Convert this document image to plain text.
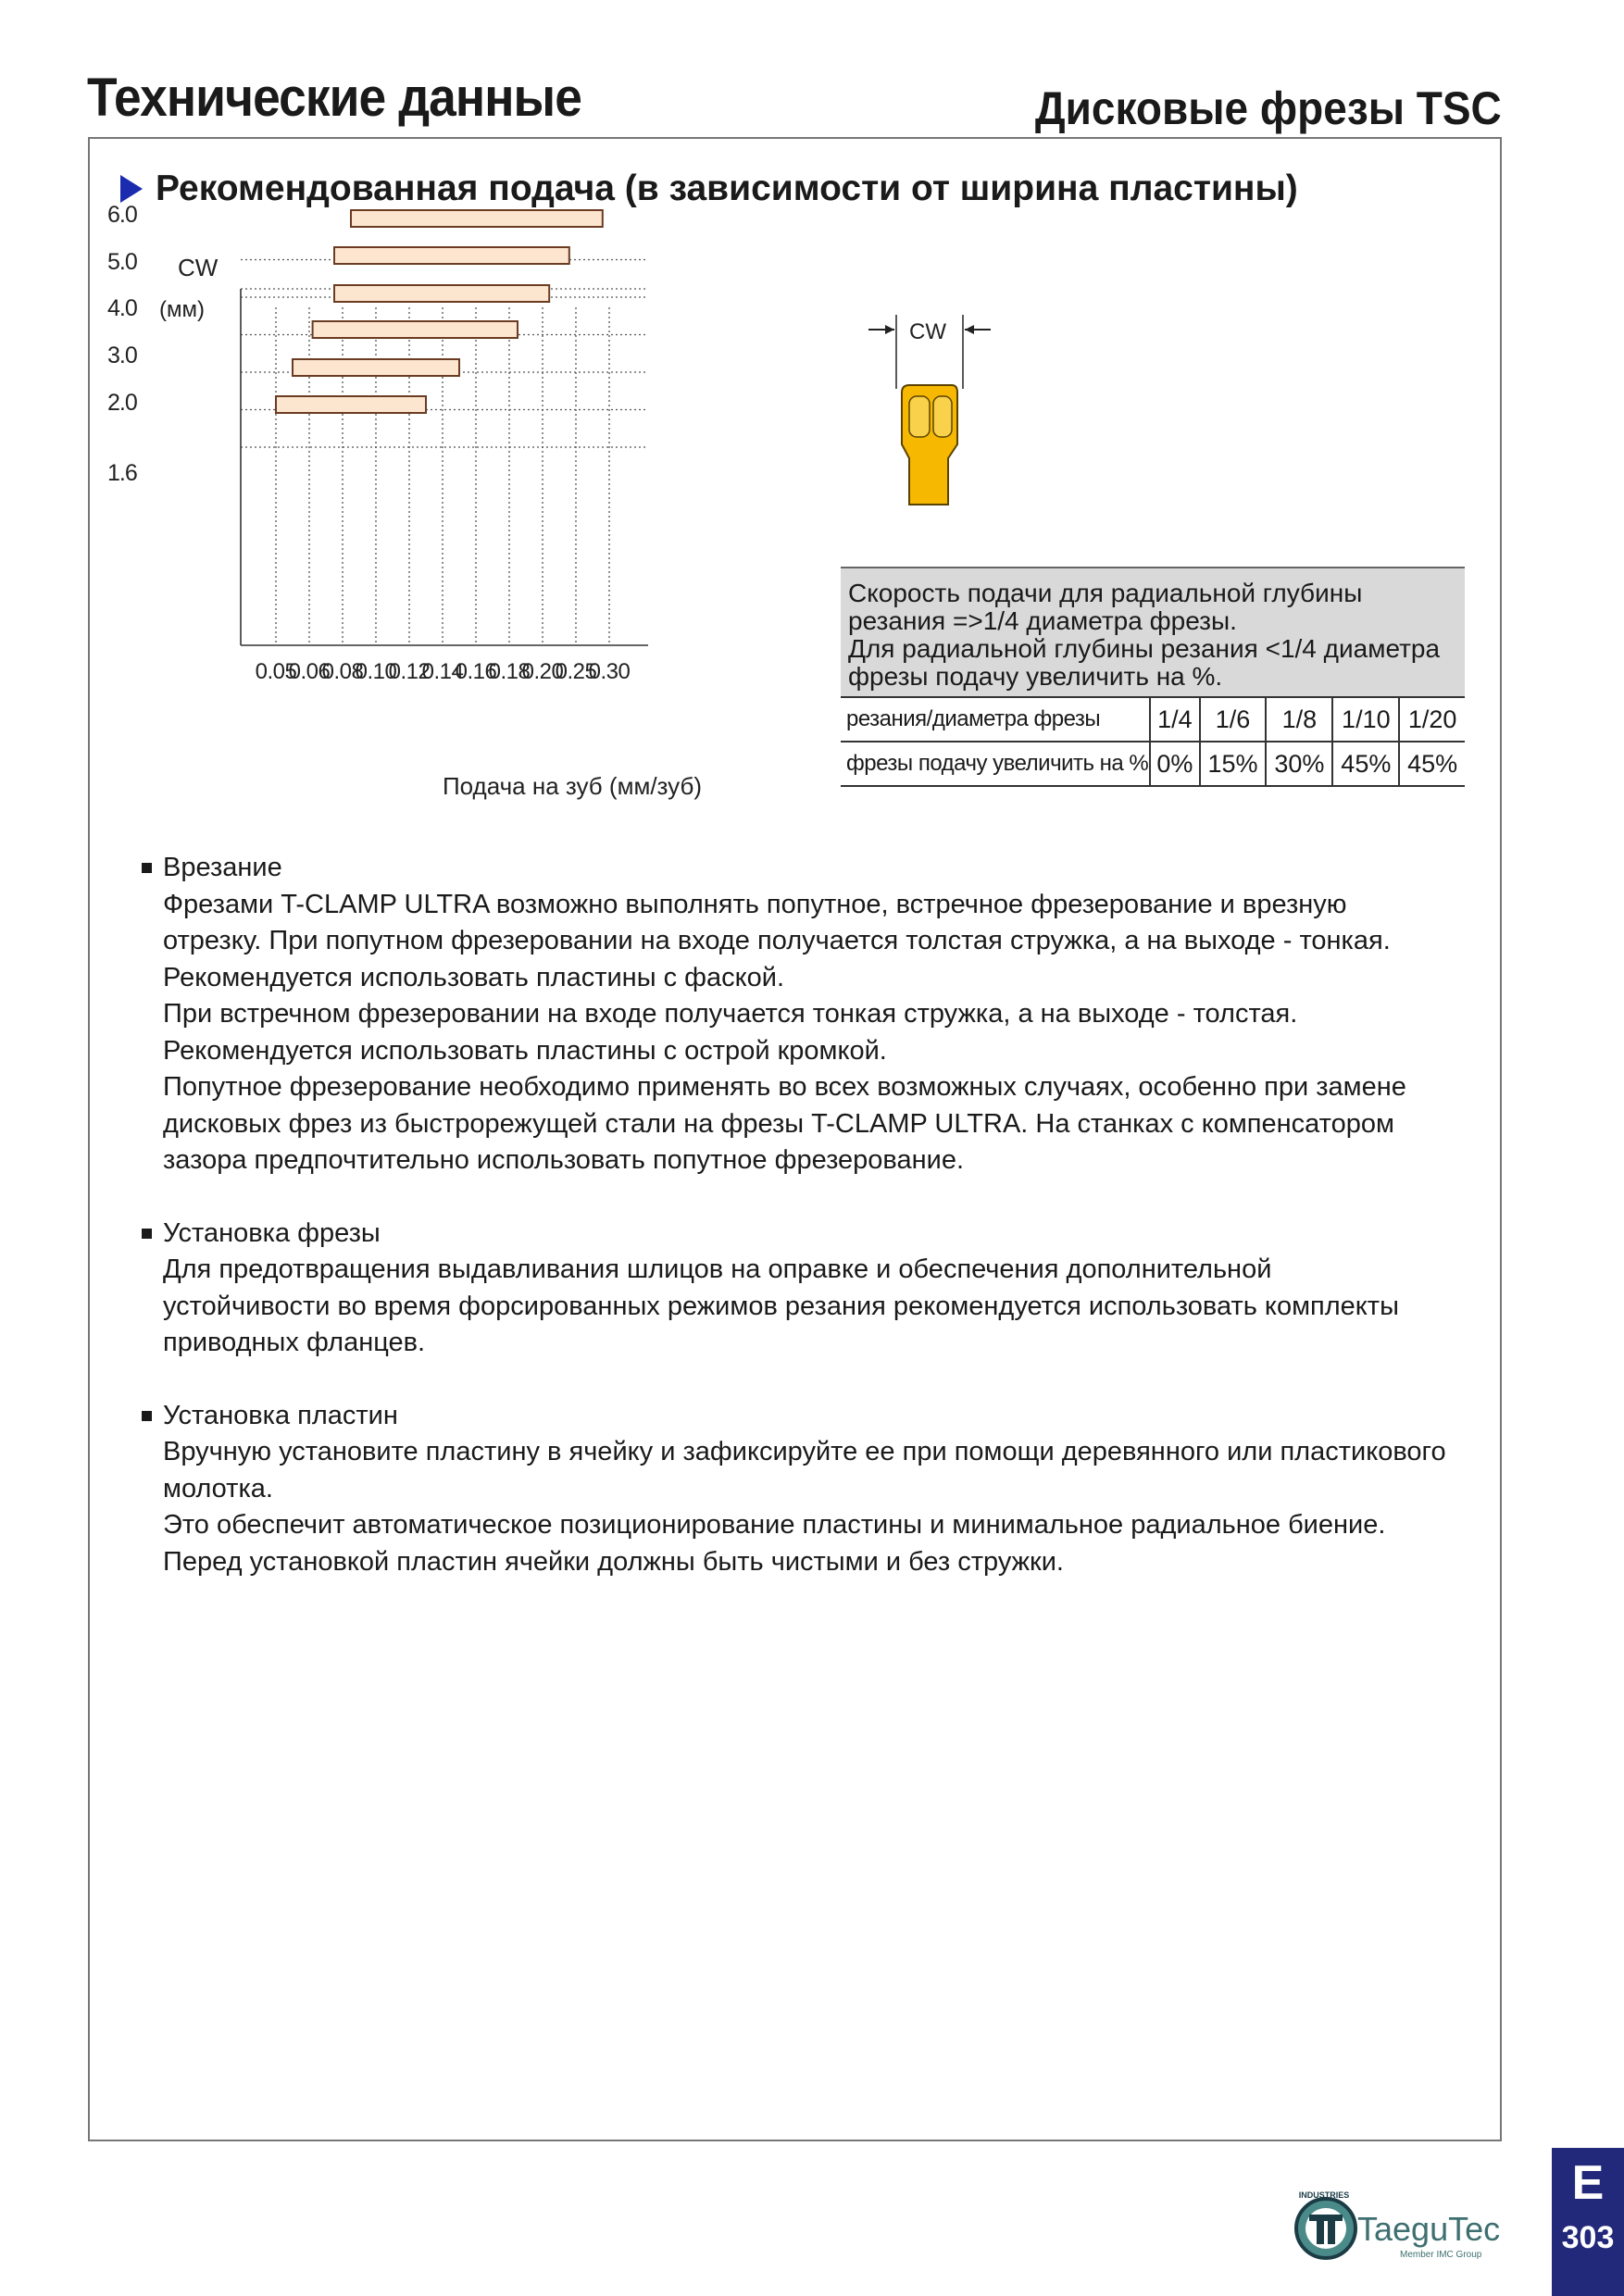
Технические данные	Дисковые фрезы TSC
Рекомендованная подача (в зависимости от ширина пластины)
CW
(мм)
0.05
0.06
0.08
0.10
0.12
0.14
0.16
0.18
0.20
0.25
0.30
1.6
2.0
3.0
4.0
5.0
6.0
Подача на зуб (мм/зуб)
CW
Скорость подачи для радиальной глубины
резания =>1/4 диаметра фрезы.
Для радиальной глубины резания <1/4 диаметра
фрезы подачу увеличить на %.					

резания/диаметра фрезы	1/4	1/6	1/8	1/10	1/20
фрезы подачу увеличить на %	0%	15%	30%	45%	45%
Врезание
Фрезами T-CLAMP ULTRA возможно выполнять попутное, встречное фрезерование и врезную
отрезку. При попутном фрезеровании на входе получается толстая стружка, а на выходе - тонкая.
Рекомендуется использовать пластины с фаской.
При встречном фрезеровании на входе получается тонкая стружка, а на выходе - толстая.
Рекомендуется использовать пластины с острой кромкой.
Попутное фрезерование необходимо применять во всех возможных случаях, особенно при замене
дисковых фрез из быстрорежущей стали на фрезы T-CLAMP ULTRA. На станках с компенсатором
зазора предпочтительно использовать попутное фрезерование.
Установка фрезы
Для предотвращения выдавливания шлицов на оправке и обеспечения дополнительной
устойчивости во время форсированных режимов резания рекомендуется использовать комплекты
приводных фланцев.
Установка пластин
Вручную установите пластину в ячейку и зафиксируйте ее при помощи деревянного или пластикового
молотка.
Это обеспечит автоматическое позиционирование пластины и минимальное радиальное биение.
Перед установкой пластин ячейки должны быть чистыми и без стружки.
INDUSTRIES
TaeguTec
Member IMC Group
E
303
